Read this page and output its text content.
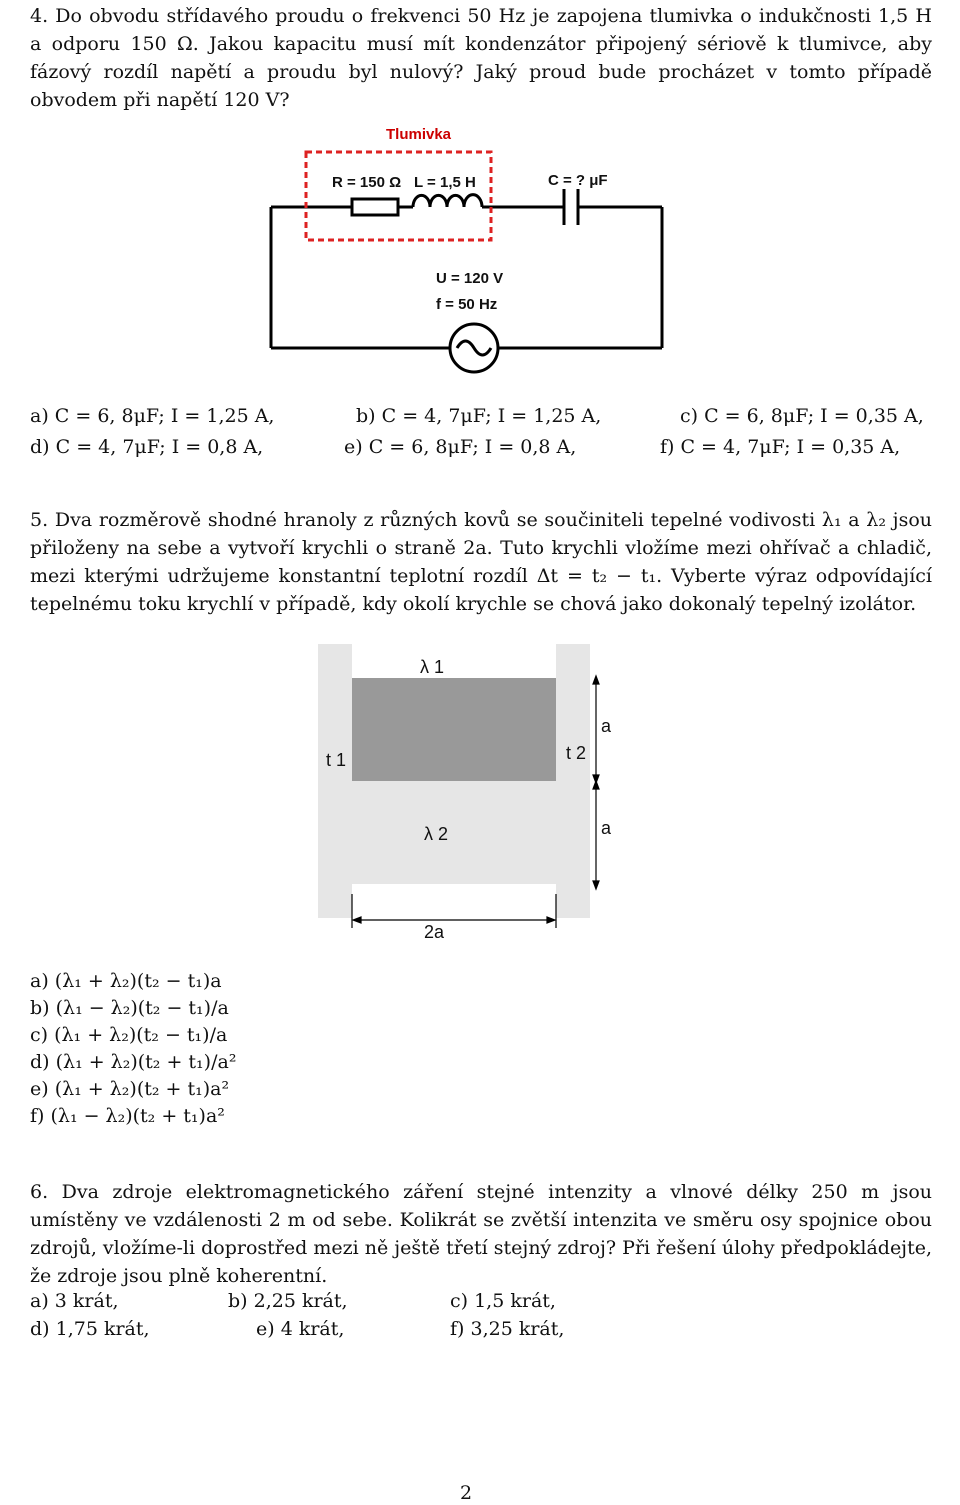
4. Do obvodu střídavého proudu o frekvenci 50 Hz je zapojena tlumivka o indukčnosti 1,5 H a odporu 150 Ω. Jakou kapacitu musí mít kondenzátor připojený sériově k tlumivce, aby fázový rozdíl napětí a proudu byl nulový? Jaký proud bude procházet v tomto případě obvodem při napětí 120 V?
Tlumivka
R = 150 Ω L = 1,5 H	C = ? μF
U = 120 V
f = 50 Hz
a) C = 6, 8μF; I = 1,25 A,	b) C = 4, 7μF; I = 1,25 A,	c) C = 6, 8μF; I = 0,35 A,
d) C = 4, 7μF; I = 0,8 A,	e) C = 6, 8μF; I = 0,8 A,	f) C = 4, 7μF; I = 0,35 A,
5. Dva rozměrově shodné hranoly z různých kovů se součiniteli tepelné vodivosti λ₁ a λ₂ jsou přiloženy na sebe a vytvoří krychli o straně 2a. Tuto krychli vložíme mezi ohřívač a chladič, mezi kterými udržujeme konstantní teplotní rozdíl Δt = t₂ − t₁. Vyberte výraz odpovídající tepelnému toku krychlí v případě, kdy okolí krychle se chová jako dokonalý tepelný izolátor.
λ 1
λ 2
t 1	t 2
a
a
2a
a) (λ₁ + λ₂)(t₂ − t₁)a
b) (λ₁ − λ₂)(t₂ − t₁)/a
c) (λ₁ + λ₂)(t₂ − t₁)/a
d) (λ₁ + λ₂)(t₂ + t₁)/a²
e) (λ₁ + λ₂)(t₂ + t₁)a²
f) (λ₁ − λ₂)(t₂ + t₁)a²
6. Dva zdroje elektromagnetického záření stejné intenzity a vlnové délky 250 m jsou umístěny ve vzdálenosti 2 m od sebe. Kolikrát se zvětší intenzita ve směru osy spojnice obou zdrojů, vložíme-li doprostřed mezi ně ještě třetí stejný zdroj? Při řešení úlohy předpokládejte, že zdroje jsou plně koherentní.
a) 3 krát,	b) 2,25 krát,	c) 1,5 krát,
d) 1,75 krát,	e) 4 krát,	f) 3,25 krát,
2
